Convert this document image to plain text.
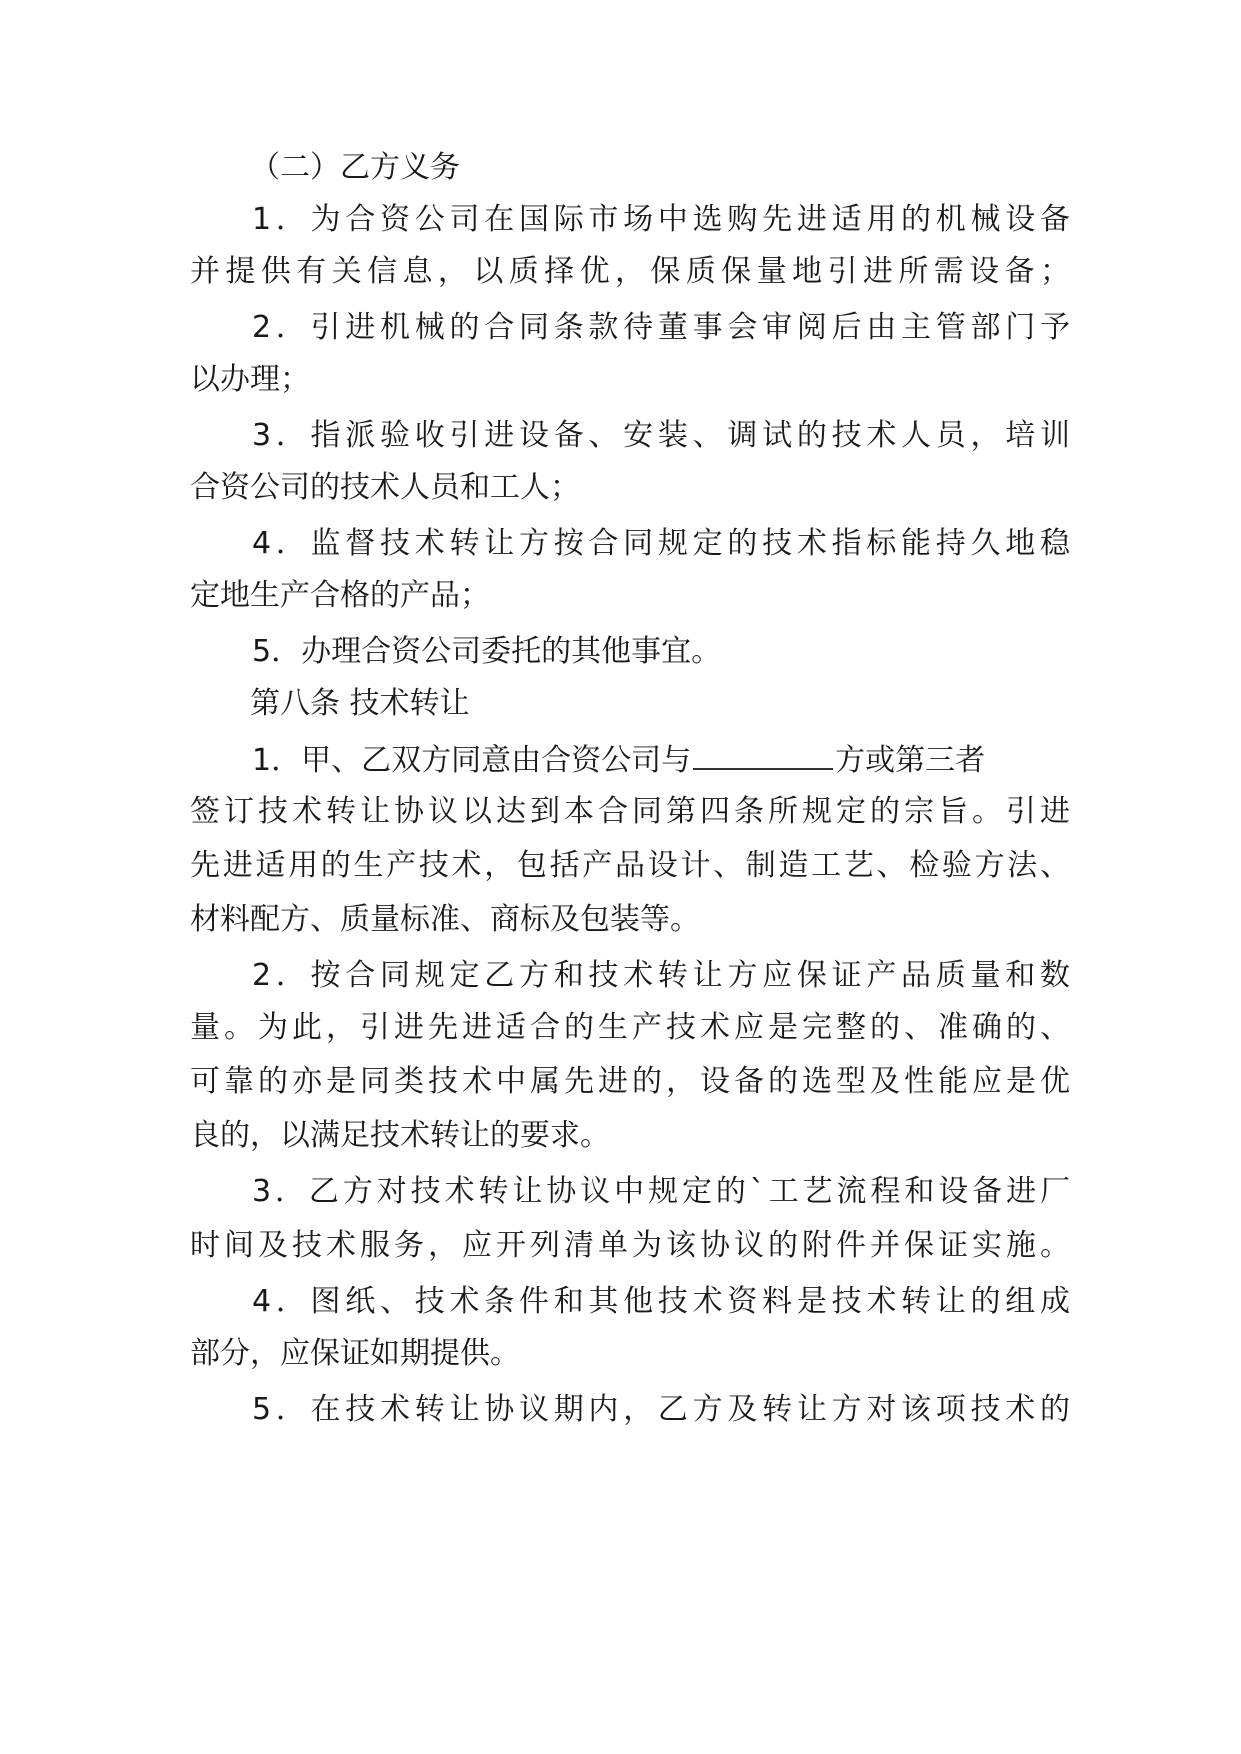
（二）乙方义务
1．为合资公司在国际市场中选购先进适用的机械设备
并提供有关信息，以质择优，保质保量地引进所需设备；
2．引进机械的合同条款待董事会审阅后由主管部门予
以办理；
3．指派验收引进设备、安装、调试的技术人员，培训
合资公司的技术人员和工人；
4．监督技术转让方按合同规定的技术指标能持久地稳
定地生产合格的产品；
5．办理合资公司委托的其他事宜。
第八条 技术转让
1．甲、乙双方同意由合资公司与	方或第三者
签订技术转让协议以达到本合同第四条所规定的宗旨。引进
先进适用的生产技术，包括产品设计、制造工艺、检验方法、
材料配方、质量标准、商标及包装等。
2．按合同规定乙方和技术转让方应保证产品质量和数
量。为此，引进先进适合的生产技术应是完整的、准确的、
可靠的亦是同类技术中属先进的，设备的选型及性能应是优
良的，以满足技术转让的要求。
3．乙方对技术转让协议中规定的`工艺流程和设备进厂
时间及技术服务，应开列清单为该协议的附件并保证实施。
4．图纸、技术条件和其他技术资料是技术转让的组成
部分，应保证如期提供。
5．在技术转让协议期内，乙方及转让方对该项技术的
